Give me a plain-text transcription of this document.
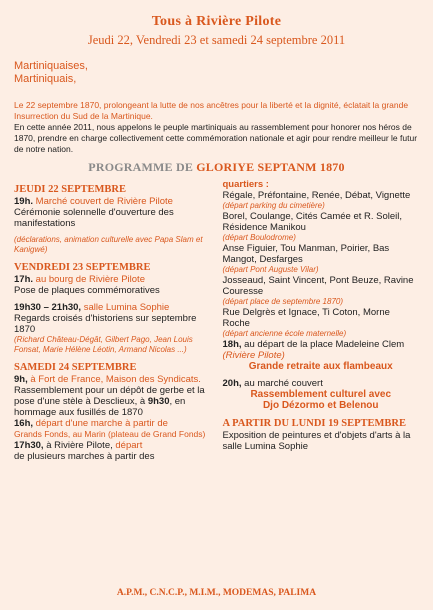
Tous à Rivière Pilote
Jeudi 22, Vendredi 23 et samedi 24 septembre 2011
Martiniquaises,
Martiniquais,
Le 22 septembre 1870, prolongeant la lutte de nos ancêtres pour la liberté et la dignité, éclatait la grande Insurrection du Sud de la Martinique.
En cette année 2011, nous appelons le peuple martiniquais au rassemblement pour honorer nos héros de 1870, prendre en charge collectivement cette commémoration nationale et agir pour rendre meilleur le futur de notre nation.
PROGRAMME DE GLORIYE SEPTANM 1870
JEUDI 22 SEPTEMBRE
19h. Marché couvert de Rivière Pilote
Cérémonie solennelle d'ouverture des manifestations
(déclarations, animation culturelle avec Papa Slam et Kanigwé)
VENDREDI 23 SEPTEMBRE
17h. au bourg de Rivière Pilote
Pose de plaques commémoratives
19h30 – 21h30, salle Lumina Sophie
Regards croisés d'historiens sur septembre 1870
(Richard Château-Dégât, Gilbert Pago, Jean Louis Fonsat, Marie Hélène Léotin, Armand Nicolas ...)
SAMEDI 24 SEPTEMBRE
9h, à Fort de France, Maison des Syndicats. Rassemblement pour un dépôt de gerbe et la pose d'une stèle à Desclieux, à 9h30, en hommage aux fusillés de 1870
16h, départ d'une marche à partir de
Grands Fonds, au Marin (plateau de Grand Fonds)
17h30, à Rivière Pilote, départ
de plusieurs marches à partir des
quartiers :
Régale, Préfontaine, Renée, Débat, Vignette
(départ parking du cimetière)
Borel, Coulange, Cités Camée et R. Soleil, Résidence Manikou
(départ Boulodrome)
Anse Figuier, Tou Manman, Poirier, Bas Mangot, Desfarges
(départ Pont Auguste Vilar)
Josseaud, Saint Vincent, Pont Beuze, Ravine Couresse
(départ place de septembre 1870)
Rue Delgrès et Ignace, Ti Coton, Morne Roche
(départ ancienne école maternelle)
18h, au départ de la place Madeleine Clem (Rivière Pilote)
Grande retraite aux flambeaux
20h, au marché couvert
Rassemblement culturel avec
Djo Dézormo et Belenou
A PARTIR DU LUNDI 19 SEPTEMBRE
Exposition de peintures et d'objets d'arts à la salle Lumina Sophie
A.P.M., C.N.C.P., M.I.M., MODEMAS, PALIMA
